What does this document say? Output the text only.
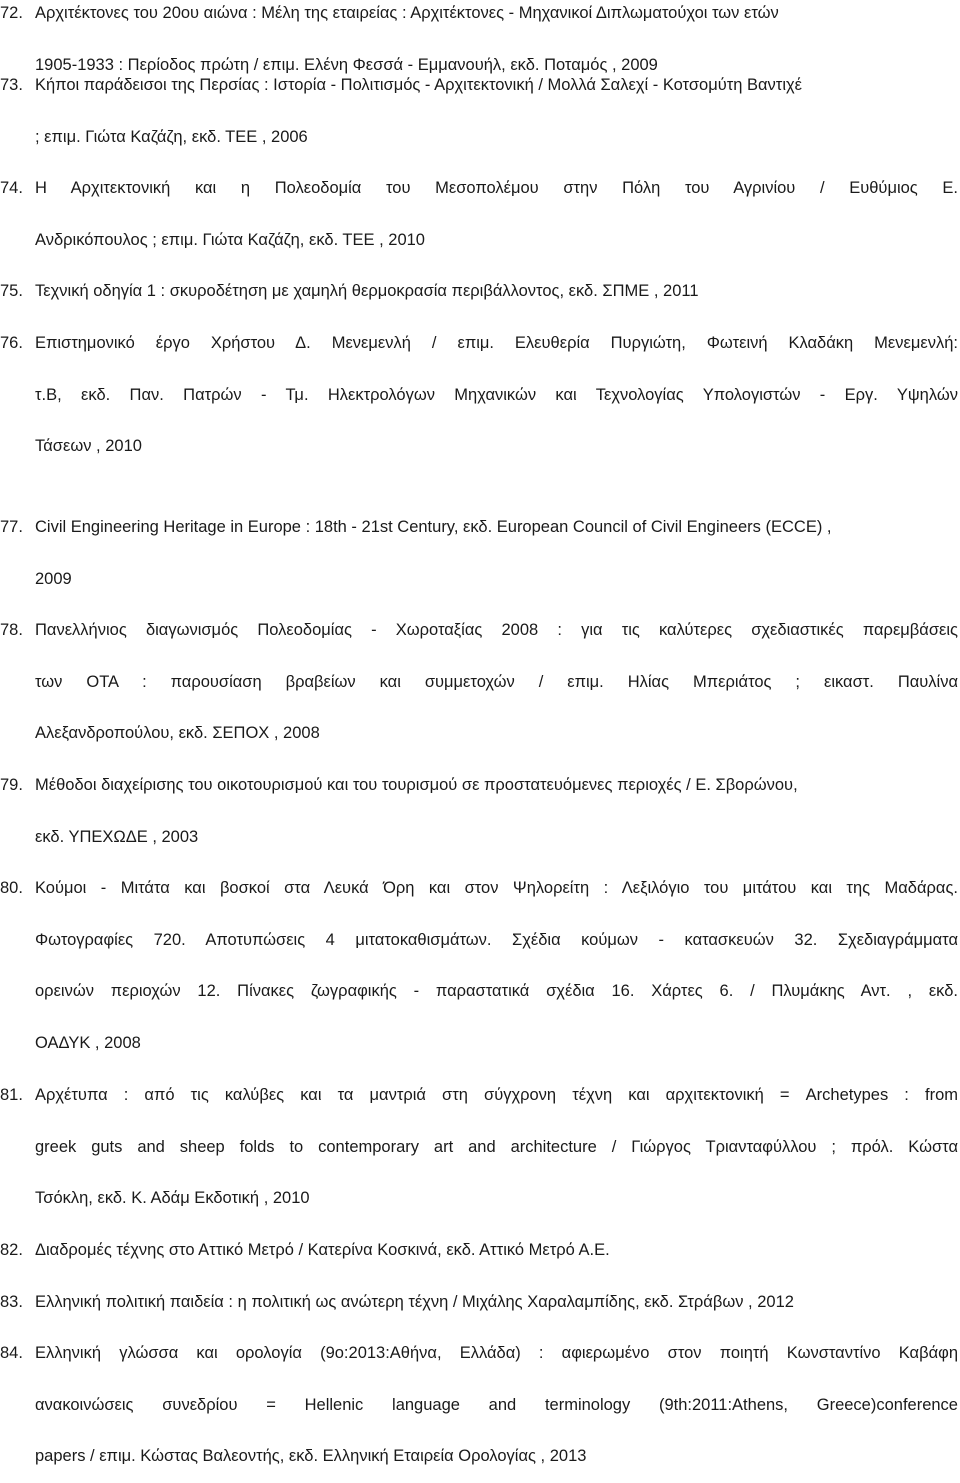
72. Αρχιτέκτονες του 20ου αιώνα : Μέλη της εταιρείας : Αρχιτέκτονες - Μηχανικοί Διπλωματούχοι των ετών
1905-1933 : Περίοδος πρώτη / επιμ. Ελένη Φεσσά - Εμμανουήλ, εκδ. Ποταμός , 2009
73. Κήποι παράδεισοι της Περσίας : Ιστορία - Πολιτισμός - Αρχιτεκτονική / Μολλά Σαλεχί - Κοτσομύτη Βαντιχέ
; επιμ. Γιώτα Καζάζη, εκδ. ΤΕΕ , 2006
74. Η Αρχιτεκτονική και η Πολεοδομία του Μεσοπολέμου στην Πόλη του Αγρινίου / Ευθύμιος Ε.
Ανδρικόπουλος ; επιμ. Γιώτα Καζάζη, εκδ. ΤΕΕ , 2010
75. Τεχνική οδηγία 1 : σκυροδέτηση με χαμηλή θερμοκρασία περιβάλλοντος, εκδ. ΣΠΜΕ , 2011
76. Επιστημονικό έργο Χρήστου Δ. Μενεμενλή / επιμ. Ελευθερία Πυργιώτη, Φωτεινή Κλαδάκη Μενεμενλή:
τ.Β, εκδ. Παν. Πατρών - Τμ. Ηλεκτρολόγων Μηχανικών και Τεχνολογίας Υπολογιστών - Εργ. Υψηλών
Τάσεων , 2010
77. Civil Engineering Heritage in Europe : 18th - 21st Century, εκδ. European Council of Civil Engineers (ECCE) ,
2009
78. Πανελλήνιος διαγωνισμός Πολεοδομίας - Χωροταξίας 2008 : για τις καλύτερες σχεδιαστικές παρεμβάσεις
των ΟΤΑ : παρουσίαση βραβείων και συμμετοχών / επιμ. Ηλίας Μπεριάτος ; εικαστ. Παυλίνα
Αλεξανδροπούλου, εκδ. ΣΕΠΟΧ , 2008
79. Μέθοδοι διαχείρισης του οικοτουρισμού και του τουρισμού σε προστατευόμενες περιοχές / Ε. Σβορώνου,
εκδ. ΥΠΕΧΩΔΕ , 2003
80. Κούμοι - Μιτάτα και βοσκοί στα Λευκά Όρη και στον Ψηλορείτη : Λεξιλόγιο του μιτάτου και της Μαδάρας.
Φωτογραφίες 720. Αποτυπώσεις 4 μιτατοκαθισμάτων. Σχέδια κούμων - κατασκευών 32. Σχεδιαγράμματα
ορεινών περιοχών 12. Πίνακες ζωγραφικής - παραστατικά σχέδια 16. Χάρτες 6. / Πλυμάκης Αντ. , εκδ.
ΟΑΔΥΚ , 2008
81. Αρχέτυπα : από τις καλύβες και τα μαντριά στη σύγχρονη τέχνη και αρχιτεκτονική = Archetypes : from
greek guts and sheep folds to contemporary art and architecture / Γιώργος Τριανταφύλλου ; πρόλ. Κώστα
Τσόκλη, εκδ. Κ. Αδάμ Εκδοτική , 2010
82. Διαδρομές τέχνης στο Αττικό Μετρό / Κατερίνα Κοσκινά, εκδ. Αττικό Μετρό Α.Ε.
83. Ελληνική πολιτική παιδεία : η πολιτική ως ανώτερη τέχνη / Μιχάλης Χαραλαμπίδης, εκδ. Στράβων , 2012
84. Ελληνική γλώσσα και ορολογία (9ο:2013:Αθήνα, Ελλάδα) : αφιερωμένο στον ποιητή Κωνσταντίνο Καβάφη
ανακοινώσεις συνεδρίου = Hellenic language and terminology (9th:2011:Athens, Greece)conference
papers / επιμ. Κώστας Βαλεοντής, εκδ. Ελληνική Εταιρεία Ορολογίας , 2013
